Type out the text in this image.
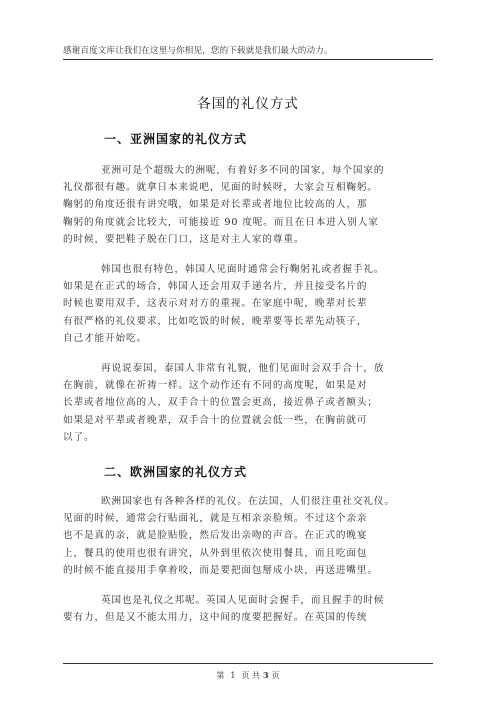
感谢百度文库让我们在这里与你相见，您的下载就是我们最大的动力。
各国的礼仪方式
一、亚洲国家的礼仪方式
亚洲可是个超级大的洲呢，有着好多不同的国家，每个国家的
礼仪都很有趣。就拿日本来说吧，见面的时候呀，大家会互相鞠躬。
鞠躬的角度还很有讲究哦，如果是对长辈或者地位比较高的人，那
鞠躬的角度就会比较大，可能接近 90 度呢。而且在日本进入别人家
的时候，要把鞋子脱在门口，这是对主人家的尊重。
韩国也很有特色，韩国人见面时通常会行鞠躬礼或者握手礼。
如果是在正式的场合，韩国人还会用双手递名片，并且接受名片的
时候也要用双手，这表示对对方的重视。在家庭中呢，晚辈对长辈
有很严格的礼仪要求，比如吃饭的时候，晚辈要等长辈先动筷子，
自己才能开始吃。
再说说泰国，泰国人非常有礼貌，他们见面时会双手合十，放
在胸前，就像在祈祷一样。这个动作还有不同的高度呢，如果是对
长辈或者地位高的人，双手合十的位置会更高，接近鼻子或者额头；
如果是对平辈或者晚辈，双手合十的位置就会低一些，在胸前就可
以了。
二、欧洲国家的礼仪方式
欧洲国家也有各种各样的礼仪。在法国，人们很注重社交礼仪。
见面的时候，通常会行贴面礼，就是互相亲亲脸颊。不过这个亲亲
也不是真的亲，就是脸贴脸，然后发出亲吻的声音。在正式的晚宴
上，餐具的使用也很有讲究，从外到里依次使用餐具，而且吃面包
的时候不能直接用手拿着咬，而是要把面包掰成小块，再送进嘴里。
英国也是礼仪之邦呢。英国人见面时会握手，而且握手的时候
要有力，但是又不能太用力，这中间的度要把握好。在英国的传统
第 1 页 共 3 页
